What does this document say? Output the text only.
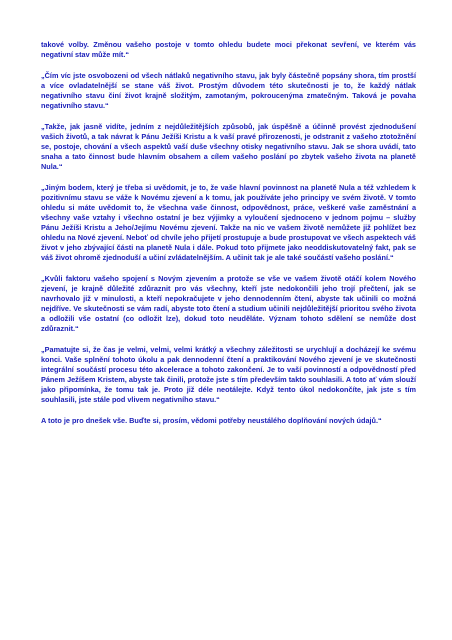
takové volby. Změnou vašeho postoje v tomto ohledu budete moci překonat sevření, ve kterém vás negativní stav může mít.“

„Čím víc jste osvobozeni od všech nátlaků negativního stavu, jak byly částečně popsány shora, tím prostší a více ovladatelnější se stane váš život. Prostým důvodem této skutečnosti je to, že každý nátlak negativního stavu činí život krajně složitým, zamotaným, pokroucenýma zmatečným. Taková je povaha negativního stavu.“

„Takže, jak jasně vidíte, jedním z nejdůležitějších způsobů, jak úspěšně a účinně provést zjednodušení vašich životů, a tak návrat k Pánu Ježíši Kristu a k vaší pravé přirozenosti, je odstranit z vašeho ztotožnění se, postoje, chování a všech aspektů vaší duše všechny otisky negativního stavu. Jak se shora uvádí, tato snaha a tato činnost bude hlavním obsahem a cílem vašeho poslání po zbytek vašeho života na planetě Nula.“

„Jiným bodem, který je třeba si uvědomit, je to, že vaše hlavní povinnost na planetě Nula a též vzhledem k pozitivnímu stavu se váže k Novému zjevení a k tomu, jak používáte jeho principy ve svém životě. V tomto ohledu si máte uvědomit to, že všechna vaše činnost, odpovědnost, práce, veškeré vaše zaměstnání a všechny vaše vztahy i všechno ostatní je bez výjimky a vyloučení sjednoceno v jednom pojmu – služby Pánu Ježíši Kristu a Jeho/Jejímu Novému zjevení. Takže na nic ve vašem životě nemůžete již pohlížet bez ohledu na Nové zjevení. Neboť od chvíle jeho přijetí prostupuje a bude prostupovat ve všech aspektech váš život v jeho zbývající části na planetě Nula i dále. Pokud toto přijmete jako neoddiskutovatelný fakt, pak se váš život ohromě zjednoduší a učiní zvládatelnějším. A učinit tak je ale také součástí vašeho poslání.“

„Kvůli faktoru vašeho spojení s Novým zjevením a protože se vše ve vašem životě otáčí kolem Nového zjevení, je krajně důležité zdůraznit pro vás všechny, kteří jste nedokončili jeho trojí přečtení, jak se navrhovalo již v minulosti, a kteří nepokračujete v jeho dennodenním čtení, abyste tak učinili co možná nejdříve. Ve skutečnosti se vám radí, abyste toto čtení a studium učinili nejdůležitější prioritou svého života a odložili vše ostatní (co odložit lze), dokud toto neuděláte. Význam tohoto sdělení se nemůže dost zdůraznit.“

„Pamatujte si, že čas je velmi, velmi, velmi krátký a všechny záležitosti se urychlují a docházejí ke svému konci. Vaše splnění tohoto úkolu a pak dennodenní čtení a praktikování Nového zjevení je ve skutečnosti integrální součástí procesu této akcelerace a tohoto zakončení. Je to vaší povinností a odpovědností před Pánem Ježíšem Kristem, abyste tak činili, protože jste s tím především takto souhlasili. A toto ať vám slouží jako připomínka, že tomu tak je. Proto již déle neotálejte. Když tento úkol nedokončíte, jak jste s tím souhlasili, jste stále pod vlivem negativního stavu.“

A toto je pro dnešek vše. Buďte si, prosím, vědomi potřeby neustálého doplňování nových údajů.“
